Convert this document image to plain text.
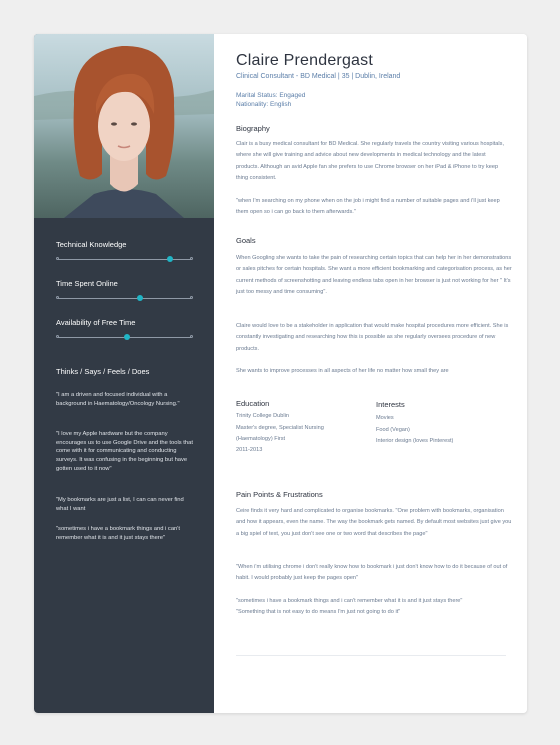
Technical Knowledge
Time Spent Online
Availability of Free Time
Thinks / Says / Feels / Does
"I am a driven and focused individual with a background in Haematology/Oncology Nursing."
"I love my Apple hardware but the company encourages us to use Google Drive and the tools that come with it for communicating and conducting surveys. It was confusing in the beginning but have gotten used to it now"
"My bookmarks are just a list, I can can never find what I want
"sometimes i have a bookmark things and i can't remember what it is and it just stays there"
Claire Prendergast
Clinical Consultant - BD Medical | 35 | Dublin, Ireland
Marital Status: Engaged
Nationality: English
Biography
Clair is a busy medical consultant for BD Medical. She regularly travels the country visiting various hospitals, where she will give training and advice about new developments in medical technology and the latest products. Although an avid Apple fan she prefers to use Chrome browser on her iPad & iPhone to try keep thing consistent.
"when I'm searching on my phone when on the job i might find a number of suitable pages and i'll just keep them open so i can go back to them afterwards."
Goals
When Googling she wants to take the pain of researching certain topics that can help her in her demonstrations or sales pitches for certain hospitals. She want a more efficient bookmarking and categorisation process, as her current methods of screenshotting and leaving endless tabs open in her browser is just not working for her " It's just too messy and time consuming".
Claire would love to be a stakeholder in application that would make hospital procedures more efficient. She is constantly investigating and researching how this is possible as she regularly oversees procedure of new products.
She wants to improve processes in all aspects of her life no matter how small they are
Education
Trinity College Dublin
Master's degree, Specialist Nursing
(Haematology) First
2011-2013
Interests
Movies
Food (Vegan)
Interior design (loves Pinterest)
Pain Points & Frustrations
Ceire finds it very hard and complicated to organise bookmarks. "One problem with bookmarks, organisation and how it appears, even the name. The way the bookmark gets named. By default most websites just give you a big spiel of text, you just don't see one or two word that describes the page"
"When i'm utilising chrome i don't really know how to bookmark i just don't know how to do it because of out of habit. I would probably just keep the pages open"
"sometimes i have a bookmark things and i can't remember what it is and it just stays there"
"Something that is not easy to do means I'm just not going to do it"
